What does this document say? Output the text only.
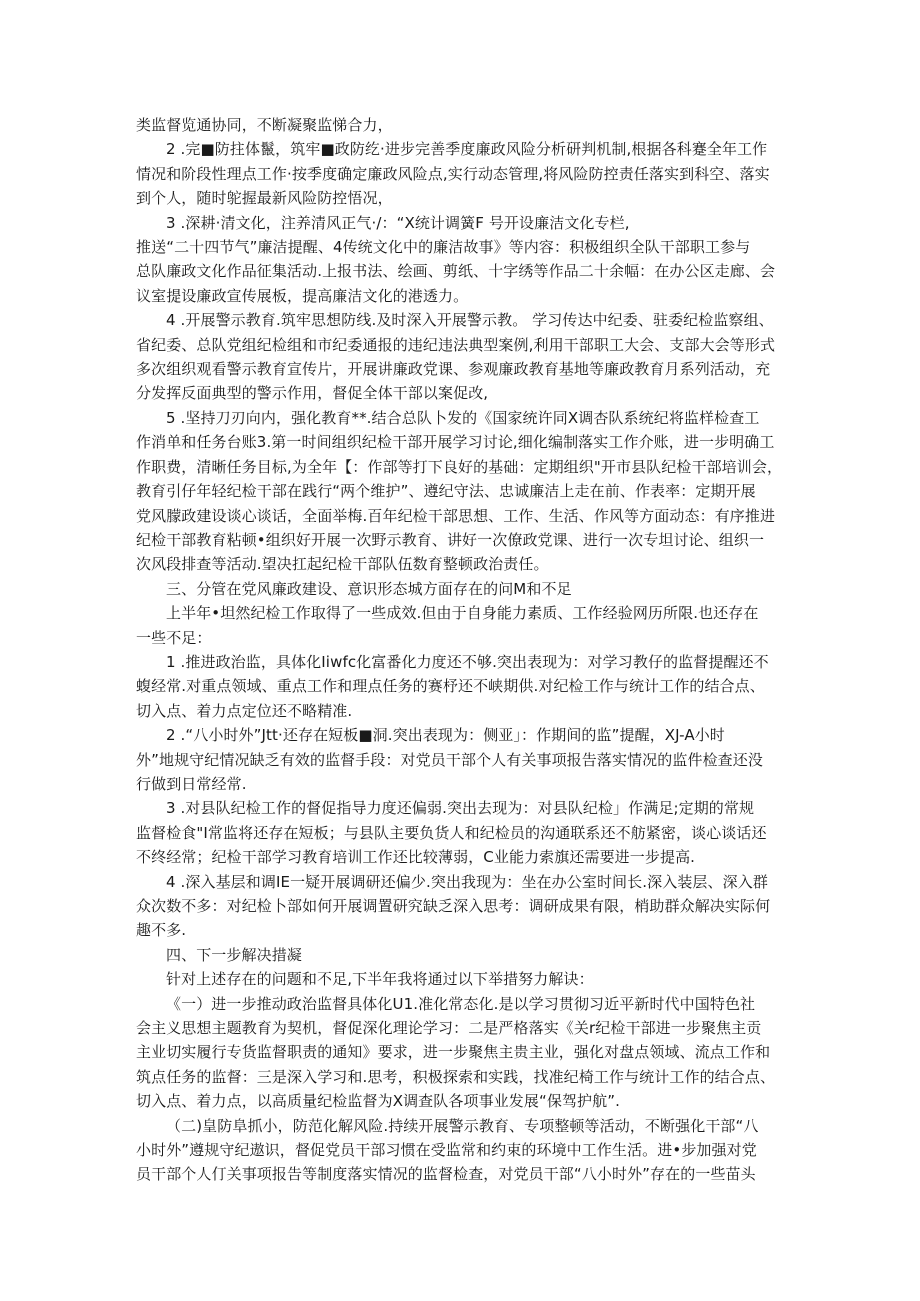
类监督览通协同，不断凝聚监悌合力，

2 .完■防拄体鬣，筑牢■政防纥·进步完善季度廉政风险分析研判机制,根据各科蹇全年工作
情况和阶段性理点工作·按季度确定廉政风险点,实行动态管理,将风险防控责任落实到科空、落实
到个人，随时鸵握最新风险防控悟况，

3 .深耕·清文化，注养清风正气·/：“X统计调簧F 号开设廉洁文化专栏,
推送“二十四节气”廉洁提醒、4传统文化中的廉洁故事》等内容：积极组织全队干部职工参与
总队廉政文化作品征集活动.上报书法、绘画、剪纸、十字绣等作品二十余幅：在办公区走廊、会
议室提设廉政宣传展板，提高廉洁文化的港透力。

4 .开展警示教育.筑牢思想防线.及时深入开展警示教。 学习传达中纪委、驻委纪检监察组、
省纪委、总队党组纪检组和市纪委通报的违纪违法典型案例,利用干部职工大会、支部大会等形式
多次组织观看警示教育宣传片，开展讲廉政党课、参观廉政教育基地等廉政教育月系列活动，充
分发挥反面典型的警示作用，督促全体干部以案促改,

5 .坚持刀刃向内，强化教育**.结合总队卜发的《国家统许同X调杏队系统纪将监样检查工
作消单和任务台账3.第一时间组织纪检干部开展学习讨论,细化编制落实工作介账，进一步明确工
作职费，清晰任务目标,为全年【：作部等打下良好的基础：定期组织"开市县队纪检干部培训会，
教育引仔年轻纪检干部在践行“两个维护”、遵纪守法、忠诚廉洁上走在前、作表率：定期开展
党风朦政建设谈心谈话，全面举梅.百年纪检干部思想、工作、生活、作风等方面动态：有序推进
纪检干部教育粘顿•组织好开展一次野示教育、讲好一次僚政党课、进行一次专坦讨论、组织一
次风段排查等活动.望决扛起纪检干部队伍数育整顿政治责任。

三、分管在党风廉政建设、意识形态城方面存在的问M和不足

上半年•坦然纪检工作取得了一些成效.但由于自身能力素质、工作经验网历所限.也还存在
一些不足：

1 .推进政治监，具体化Iiwfc化富番化力度还不够.突出表现为：对学习教仔的监督提醒还不
蝮经常.对重点领域、重点工作和理点任务的赛杼还不峡期供.对纪检工作与统计工作的结合点、
切入点、着力点定位还不略精准.

2 .“八小时外”Jtt·还存在短板■洞.突出表现为：侧亚」：作期间的监”提醒，XJ-A小时
外”地规守纪情况缺乏有效的监督手段：对党员干部个人有关事项报告落实情况的监件检查还没
行做到日常经常.

3 .对县队纪检工作的督促指导力度还偏弱.突出去现为：对县队纪检」作满足;定期的常规
监督检食"I常监将还存在短板；与县队主要负货人和纪检员的沟通联系还不舫紧密，谈心谈话还
不终经常；纪检干部学习教育培训工作还比较薄弱，C业能力索旗还需要进一步提高.

4 .深入基层和调IE一疑开展调研还偏少.突出我现为：坐在办公室时间长.深入装层、深入群
众次数不多：对纪检卜部如何开展调置研究缺乏深入思考：调研成果有限，梢助群众解决实际何
趣不多.

四、下一步解决措凝

针对上述存在的问题和不足,下半年我将通过以下举措努力解诀：

《一）进一步推动政治监督具体化U1.准化常态化.是以学习贯彻习近平新时代中国特色社
会主义思想主题教育为契机，督促深化理论学习：二是严格落实《关r纪检干部进一步聚焦主贡
主业切实履行专货监督职责的通知》要求，进一步聚焦主贵主业，强化对盘点领域、流点工作和
筑点任务的监督：三是深入学习和.思考，积极探索和实践，找准纪椅工作与统计工作的结合点、
切入点、着力点，以高质量纪检监督为X调查队各项事业发展“保驾护航”.

（二)皇防阜抓小，防范化解风险.持续开展警示教育、专项整顿等活动，不断强化干部“八
小时外”遵规守纪遨识，督促党员干部习惯在受监常和约束的环境中工作生活。进•步加强对党
员干部个人仃关事项报告等制度落实情况的监督检查，对党员干部“八小时外”存在的一些苗头
